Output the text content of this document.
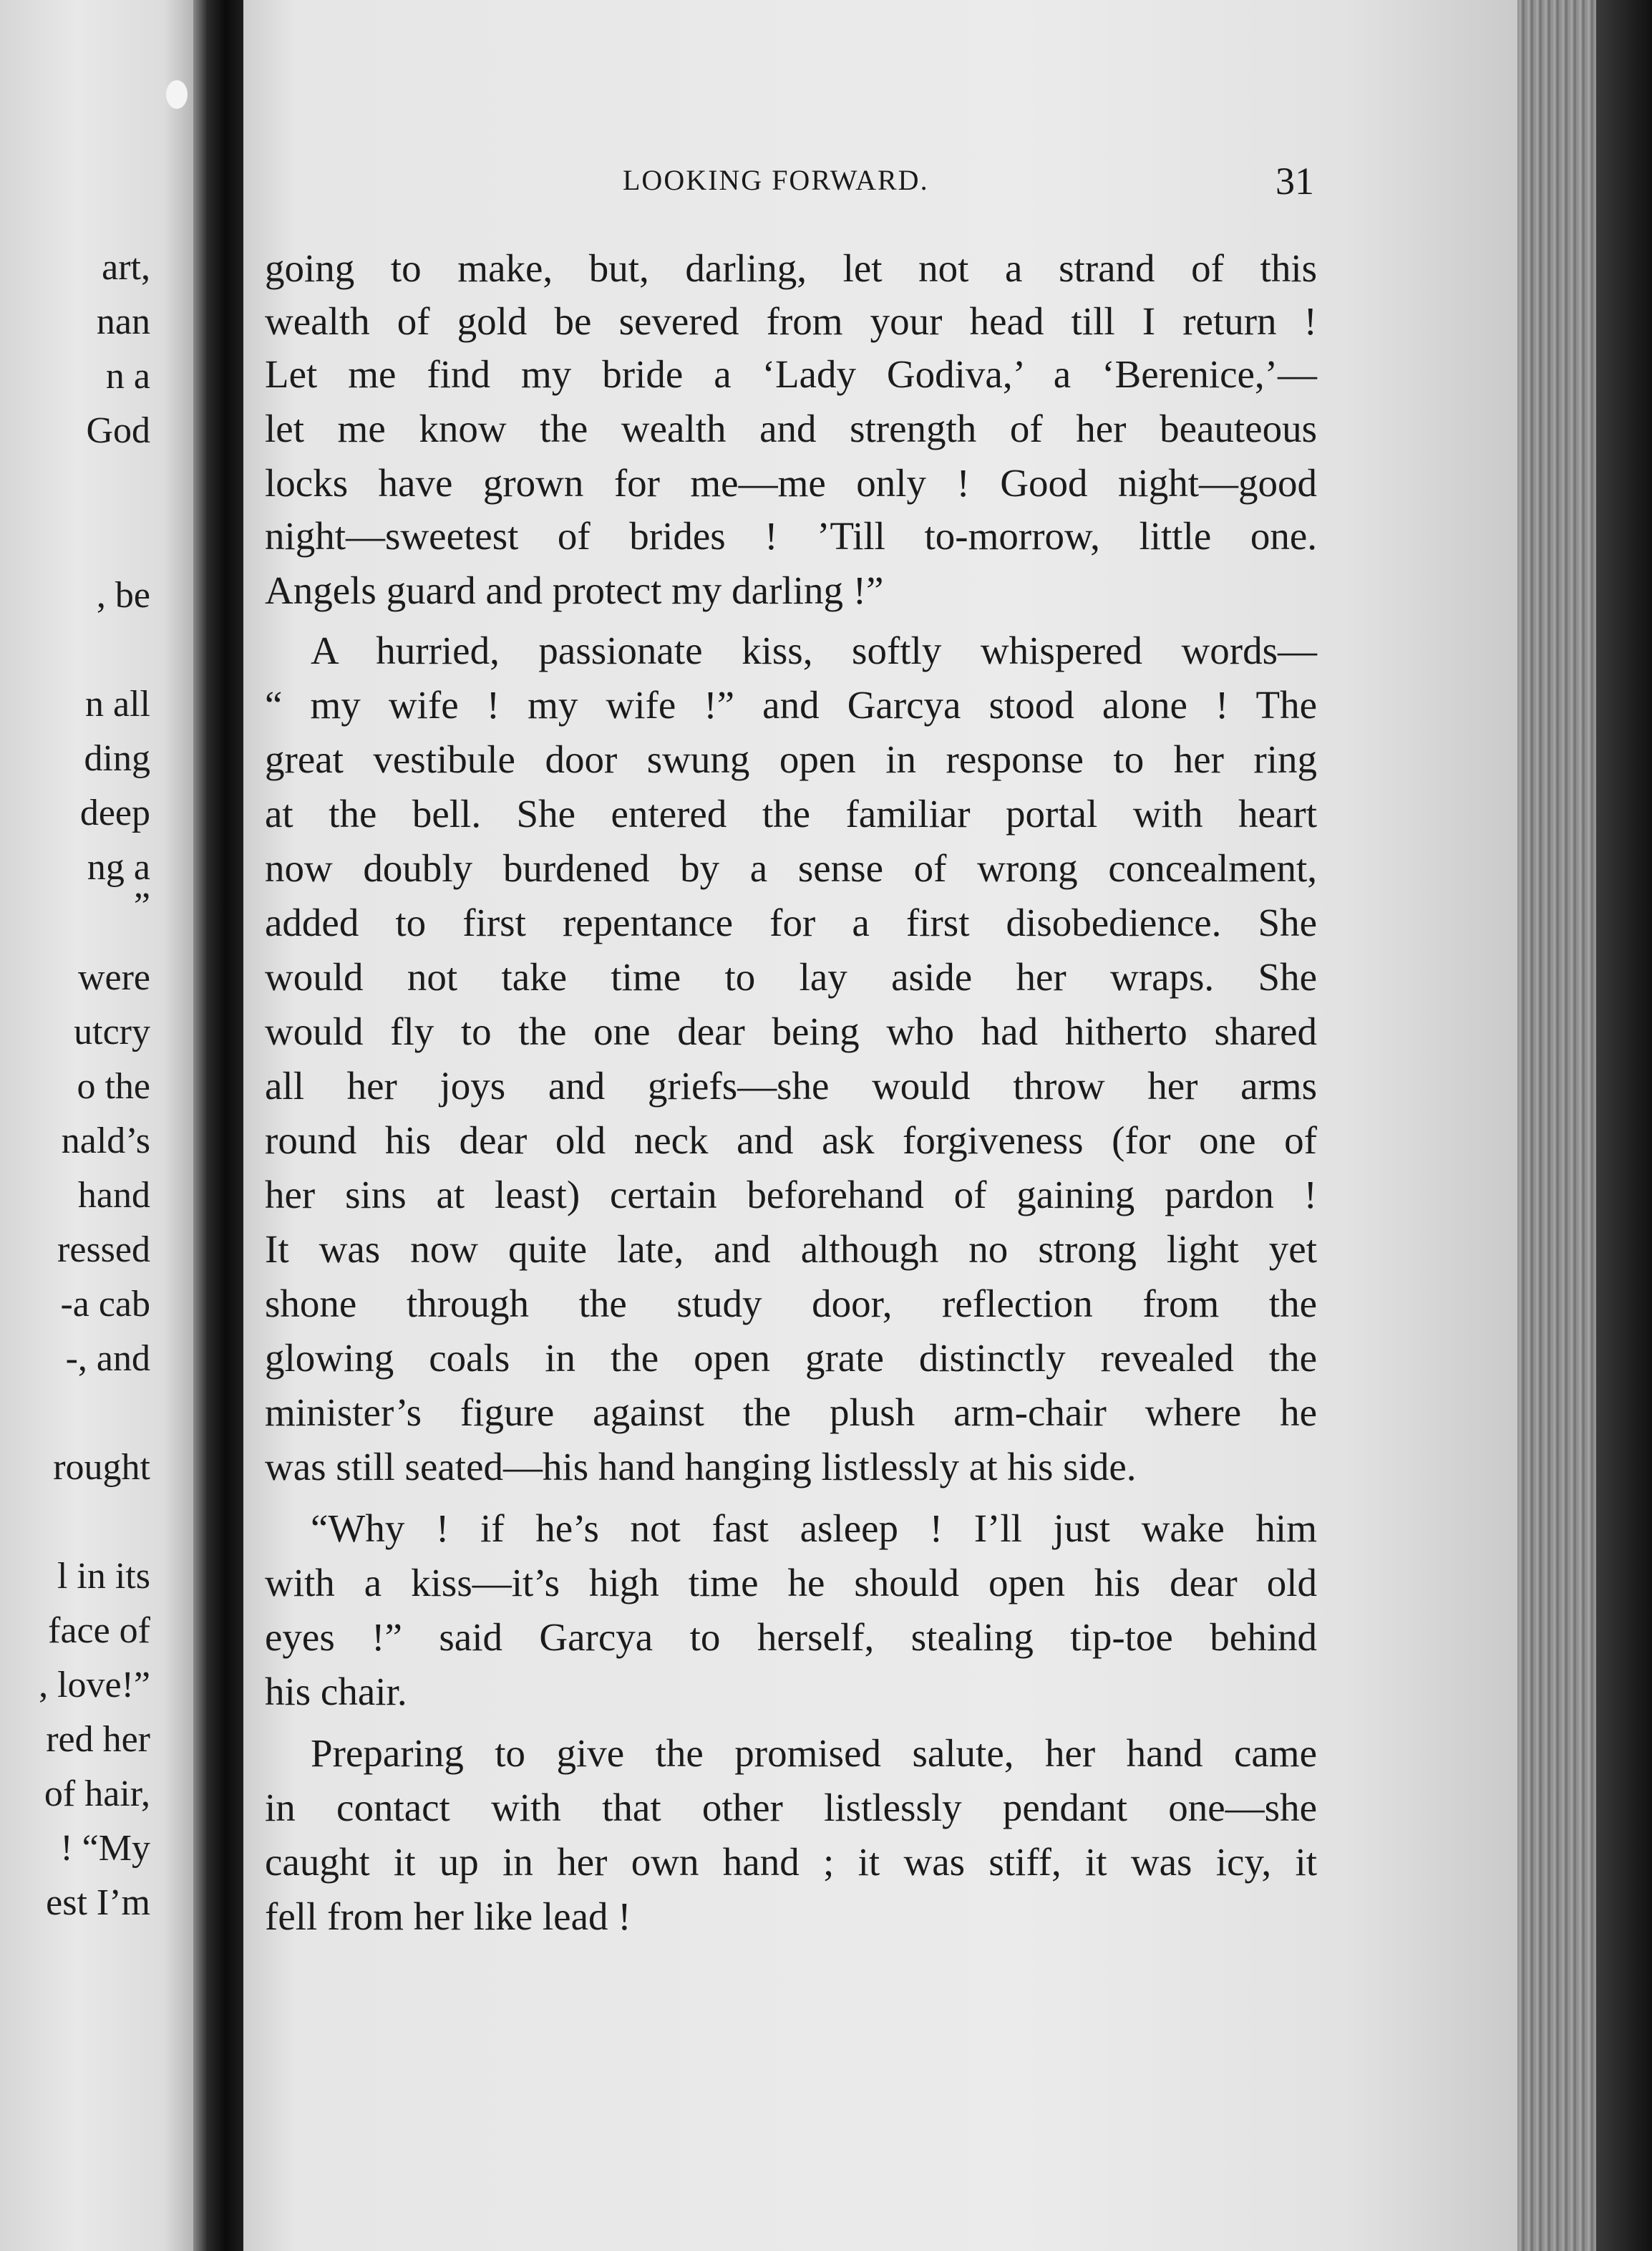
art,
nan
n a
God
, be
n all
ding
deep
ng a
”
were
utcry
o the
nald’s
hand
ressed
-a cab
-, and
rought
l in its
face of
, love!”
red her
of hair,
! “My
est I’m
LOOKING FORWARD.	31
going to make, but, darling, let not a strand of this
wealth of gold be severed from your head till I return !
Let me find my bride a ‘Lady Godiva,’ a ‘Berenice,’—
let me know the wealth and strength of her beauteous
locks have grown for me—me only ! Good night—good
night—sweetest of brides ! ’Till to-morrow, little one.
Angels guard and protect my darling !”
A hurried, passionate kiss, softly whispered words—
“ my wife ! my wife !” and Garcya stood alone ! The
great vestibule door swung open in response to her ring
at the bell. She entered the familiar portal with heart
now doubly burdened by a sense of wrong concealment,
added to first repentance for a first disobedience. She
would not take time to lay aside her wraps. She
would fly to the one dear being who had hitherto shared
all her joys and griefs—she would throw her arms
round his dear old neck and ask forgiveness (for one of
her sins at least) certain beforehand of gaining pardon !
It was now quite late, and although no strong light yet
shone through the study door, reflection from the
glowing coals in the open grate distinctly revealed the
minister’s figure against the plush arm-chair where he
was still seated—his hand hanging listlessly at his side.
“Why ! if he’s not fast asleep ! I’ll just wake him
with a kiss—it’s high time he should open his dear old
eyes !” said Garcya to herself, stealing tip-toe behind
his chair.
Preparing to give the promised salute, her hand came
in contact with that other listlessly pendant one—she
caught it up in her own hand ; it was stiff, it was icy, it
fell from her like lead !
